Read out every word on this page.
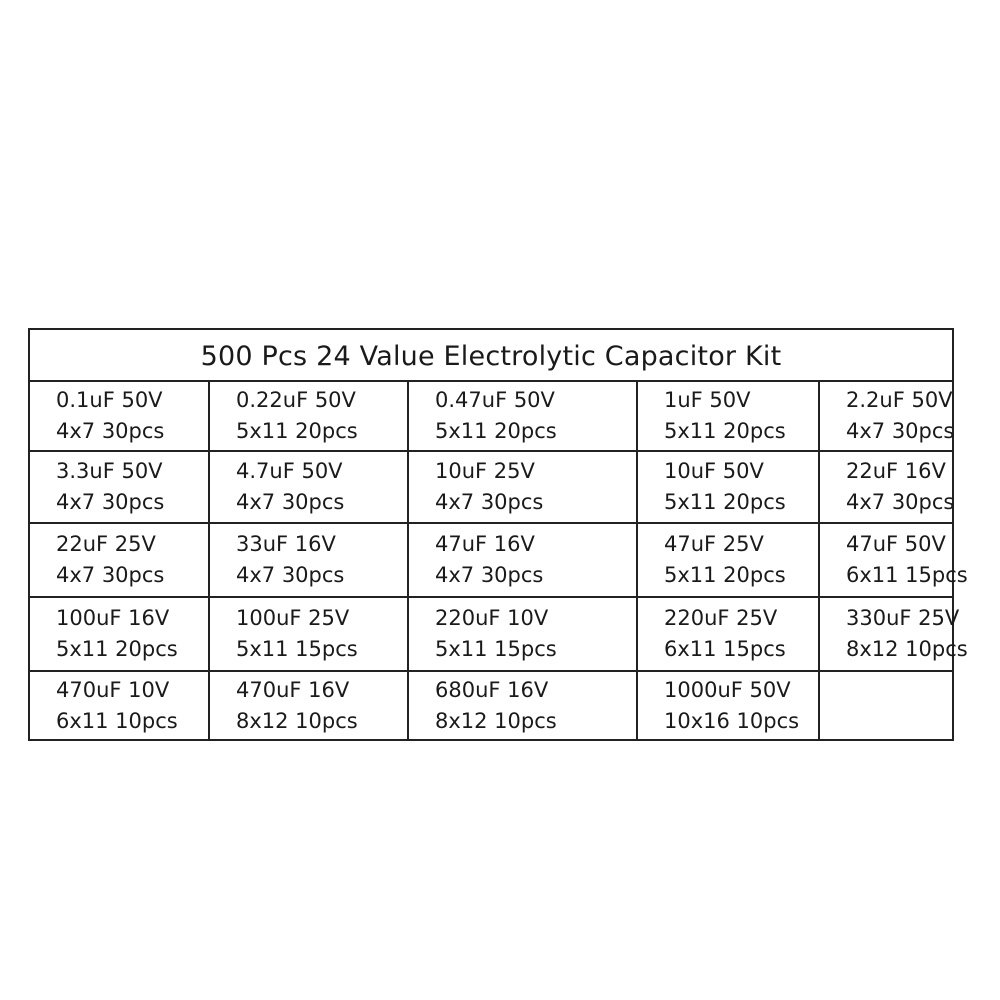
500 Pcs 24 Value Electrolytic Capacitor Kit
0.1uF 50V
4x7 30pcs
0.22uF 50V
5x11 20pcs
0.47uF 50V
5x11 20pcs
1uF 50V
5x11 20pcs
2.2uF 50V
4x7 30pcs
3.3uF 50V
4x7 30pcs
4.7uF 50V
4x7 30pcs
10uF 25V
4x7 30pcs
10uF 50V
5x11 20pcs
22uF 16V
4x7 30pcs
22uF 25V
4x7 30pcs
33uF 16V
4x7 30pcs
47uF 16V
4x7 30pcs
47uF 25V
5x11 20pcs
47uF 50V
6x11 15pcs
100uF 16V
5x11 20pcs
100uF 25V
5x11 15pcs
220uF 10V
5x11 15pcs
220uF 25V
6x11 15pcs
330uF 25V
8x12 10pcs
470uF 10V
6x11 10pcs
470uF 16V
8x12 10pcs
680uF 16V
8x12 10pcs
1000uF 50V
10x16 10pcs
